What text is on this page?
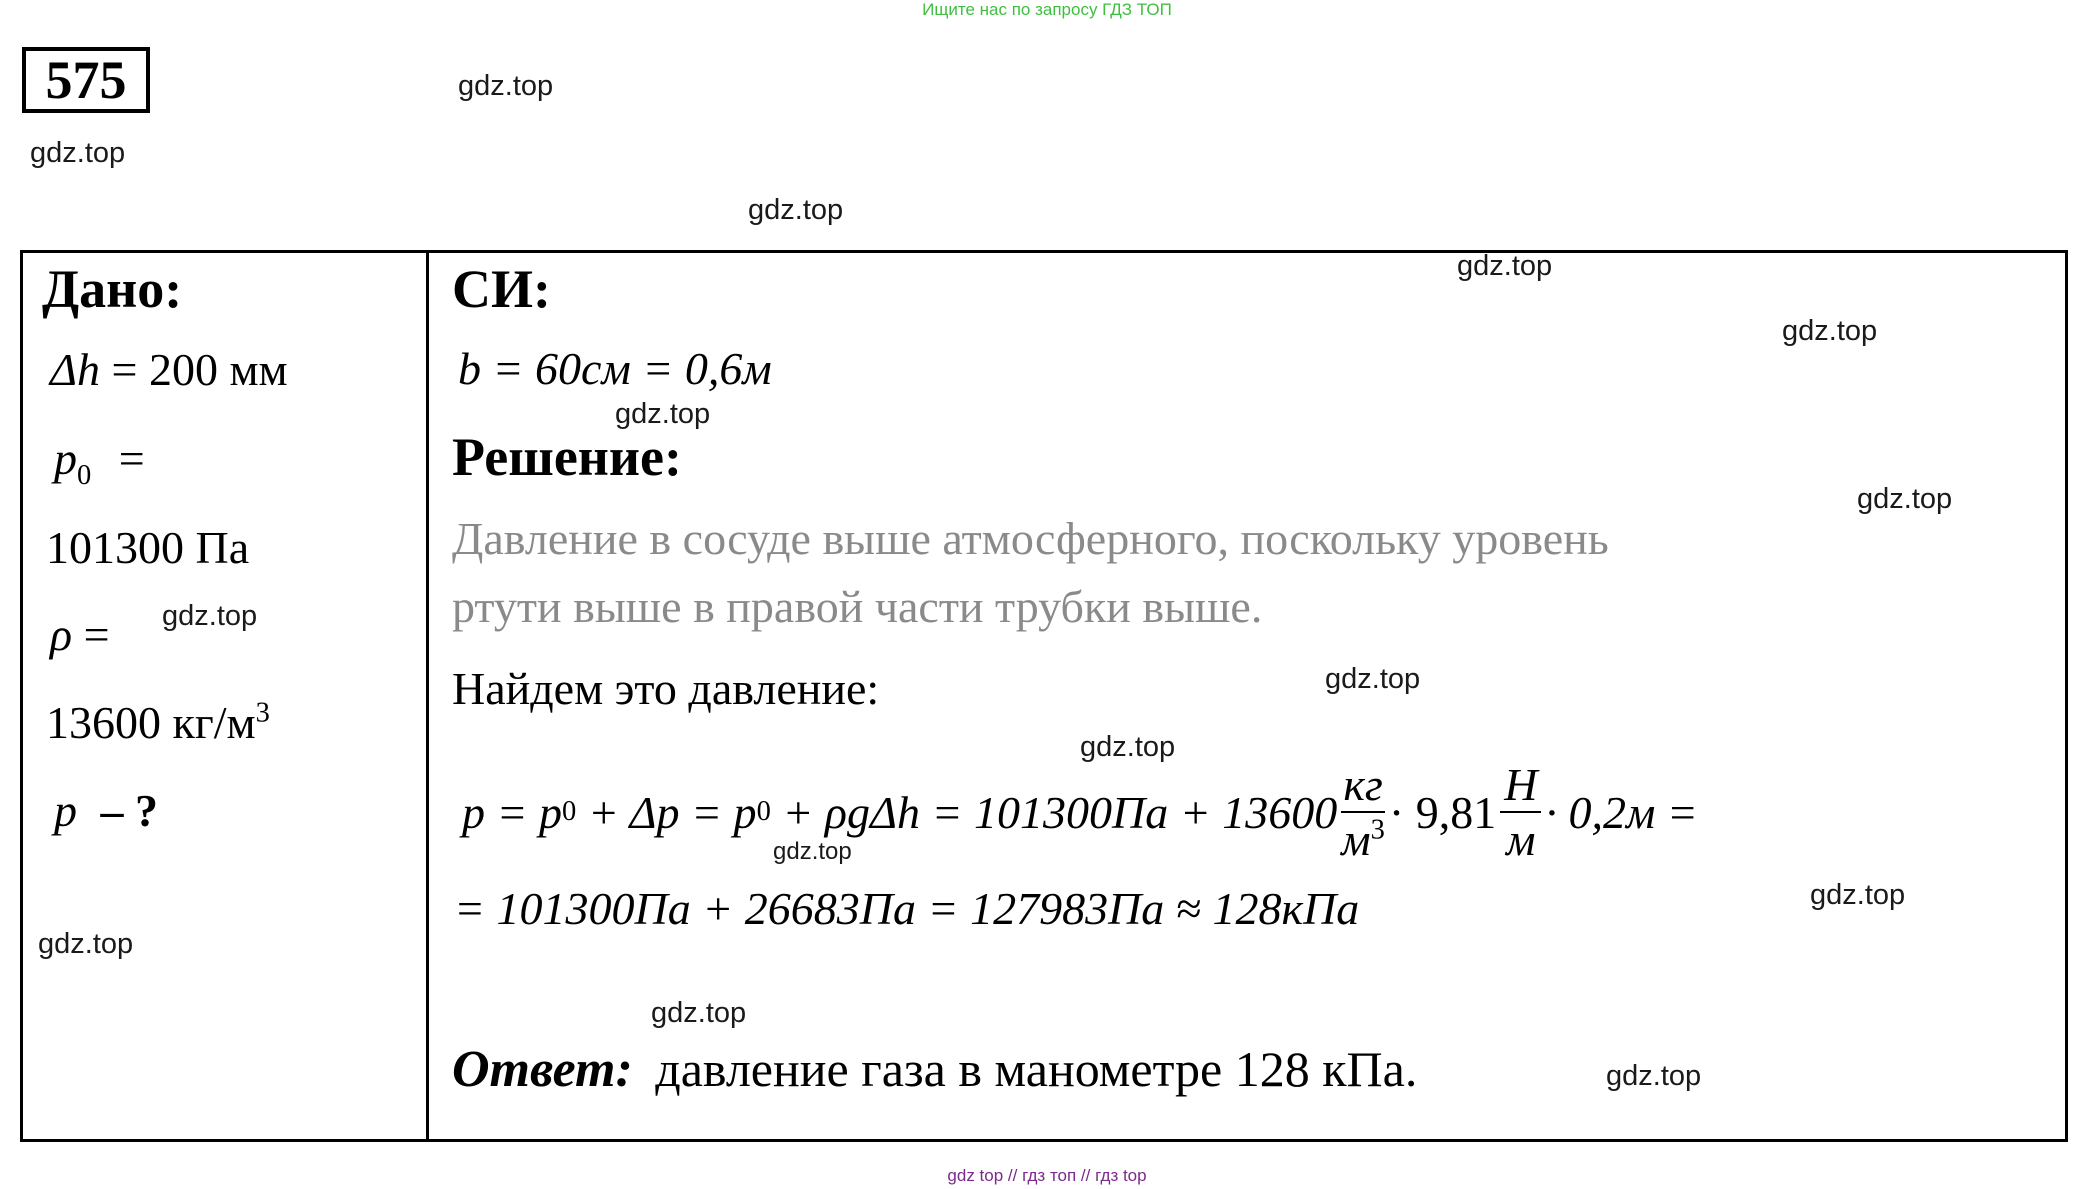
Ищите нас по запросу ГДЗ ТОП
575	gdz.top
gdz.top
gdz.top
gdz.top
gdz.top
gdz.top
gdz.top
gdz.top
gdz.top
gdz.top
gdz.top
gdz.top
gdz.top
gdz.top
gdz.top
Дано:
Δh = 200 мм
$p_0$ =
101300 Па
ρ =
13600 $кг/м^3$
p – ?
СИ:
b = 60см = 0,6м
Решение:
Давление в сосуде выше атмосферного, поскольку уровень
ртути выше в правой части трубки выше.
Найдем это давление:
p = p 0 + Δp = p 0 + ρgΔh = 101300Па + 13600
кг
$м^3 \cdot 9,81$
Н
м
· 0,2м =
= 101300Па + 26683Па = 127983Па ≈ 128кПа
Ответ: давление газа в манометре 128 кПа.
gdz top // гдз топ // гдз top
